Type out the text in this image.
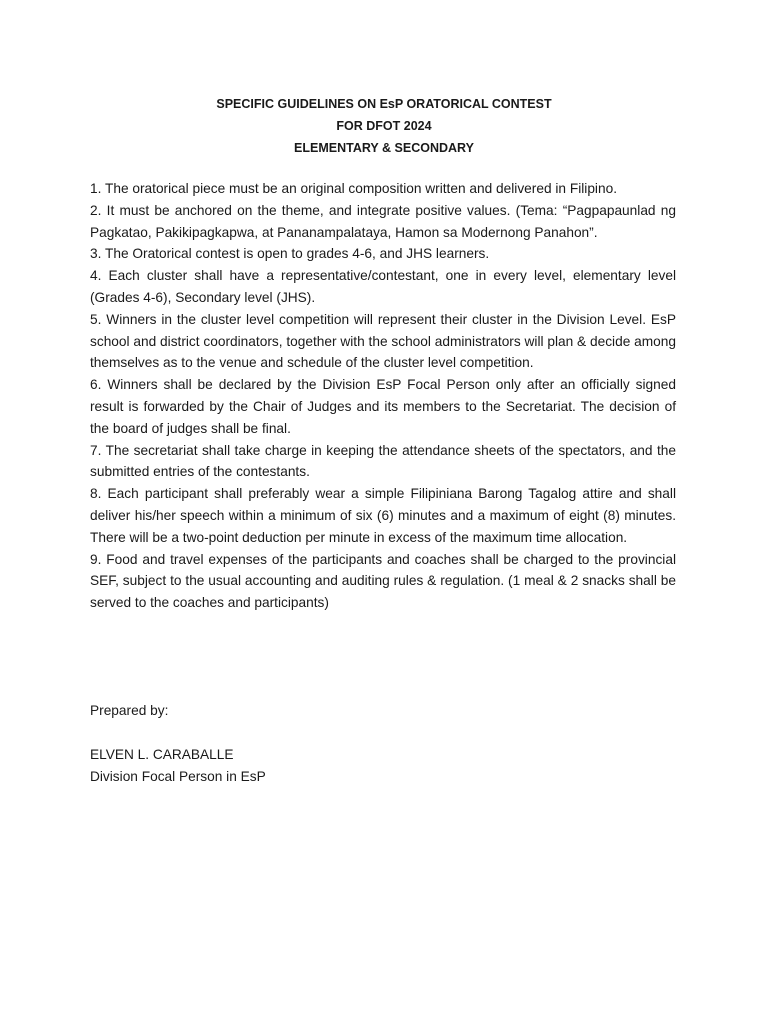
SPECIFIC GUIDELINES ON EsP ORATORICAL CONTEST
FOR DFOT 2024
ELEMENTARY & SECONDARY

1. The oratorical piece must be an original composition written and delivered in Filipino.

2. It must be anchored on the theme, and integrate positive values. (Tema: “Pagpapaunlad ng Pagkatao, Pakikipagkapwa, at Pananampalataya, Hamon sa Modernong Panahon”.

3. The Oratorical contest is open to grades 4-6, and JHS learners.

4. Each cluster shall have a representative/contestant, one in every level, elementary level (Grades 4-6), Secondary level (JHS).

5. Winners in the cluster level competition will represent their cluster in the Division Level. EsP school and district coordinators, together with the school administrators will plan & decide among themselves as to the venue and schedule of the cluster level competition.

6. Winners shall be declared by the Division EsP Focal Person only after an officially signed result is forwarded by the Chair of Judges and its members to the Secretariat. The decision of the board of judges shall be final.

7. The secretariat shall take charge in keeping the attendance sheets of the spectators, and the submitted entries of the contestants.

8. Each participant shall preferably wear a simple Filipiniana Barong Tagalog attire and shall deliver his/her speech within a minimum of six (6) minutes and a maximum of eight (8) minutes. There will be a two-point deduction per minute in excess of the maximum time allocation.

9. Food and travel expenses of the participants and coaches shall be charged to the provincial SEF, subject to the usual accounting and auditing rules & regulation. (1 meal & 2 snacks shall be served to the coaches and participants)

Prepared by:
ELVEN L. CARABALLE
Division Focal Person in EsP
